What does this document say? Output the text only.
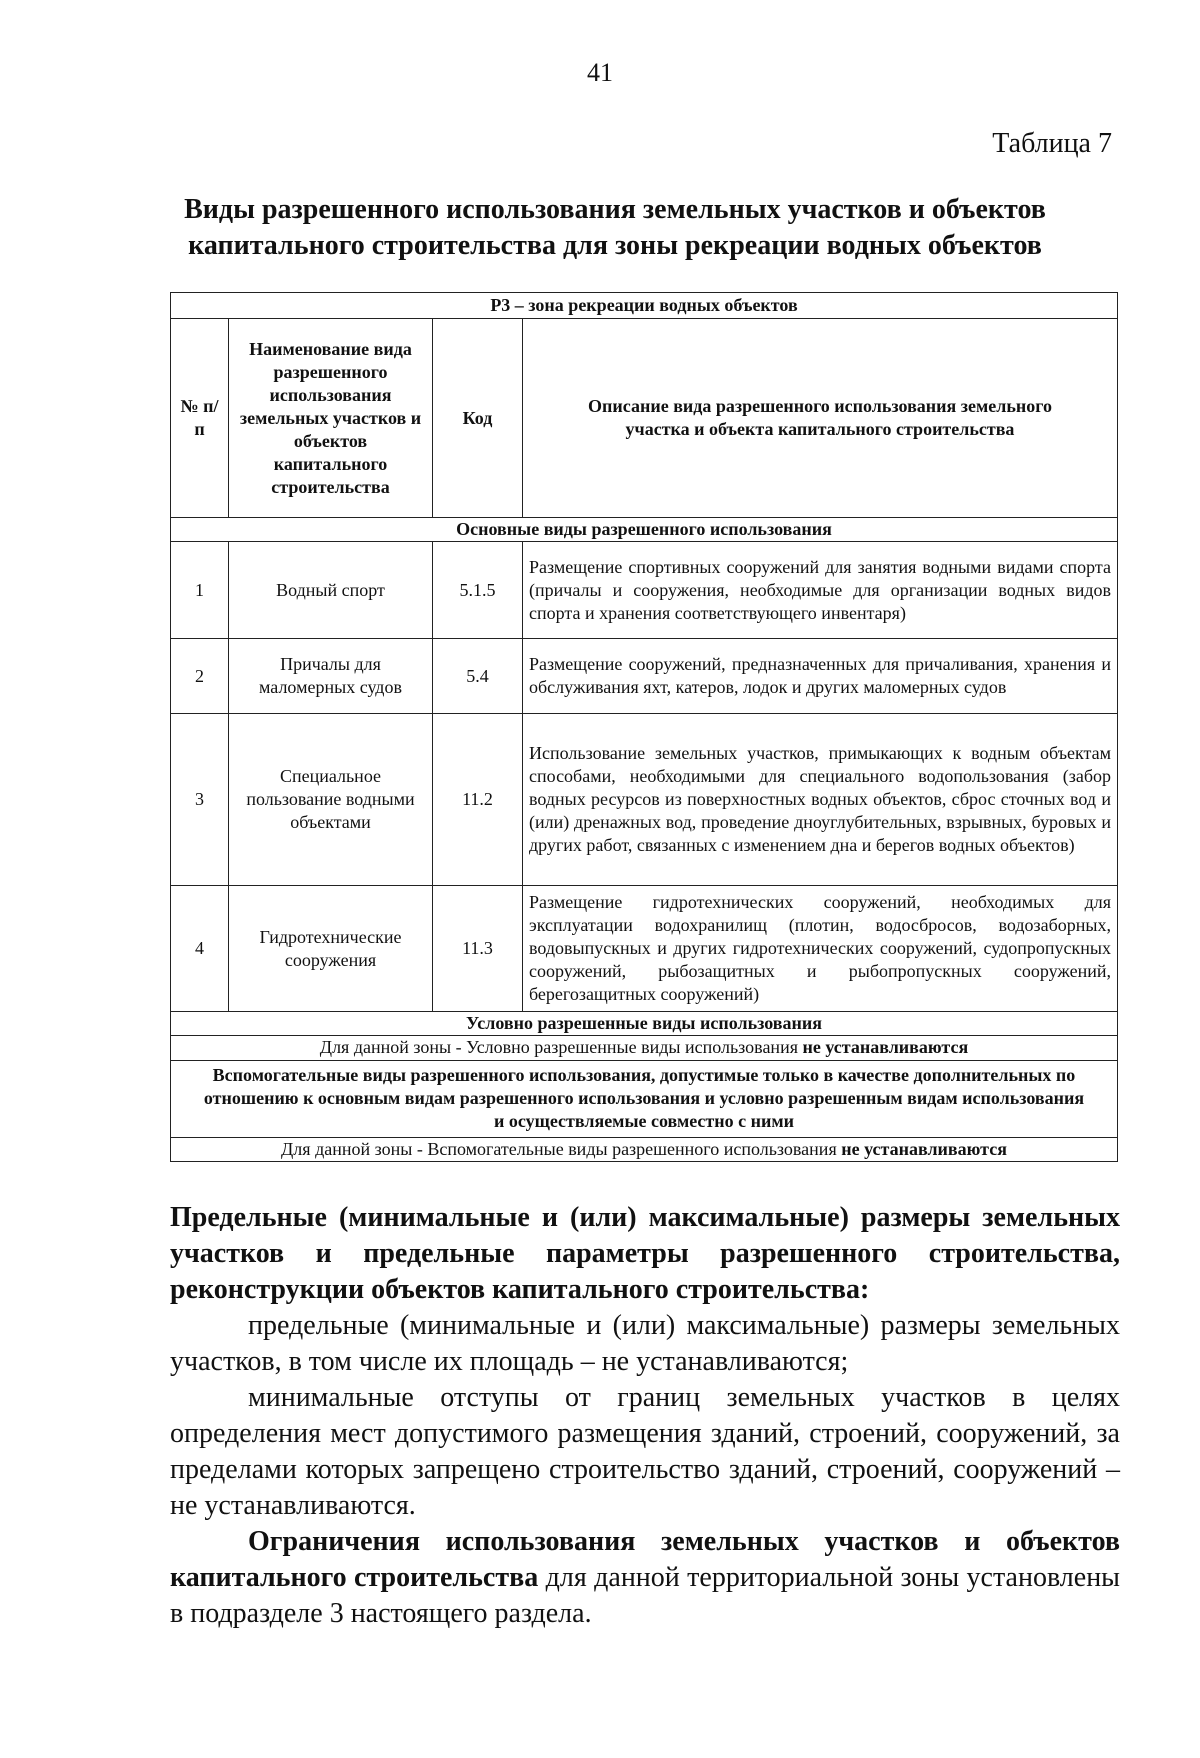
41
Таблица 7
Виды разрешенного использования земельных участков и объектов капитального строительства для зоны рекреации водных объектов
Р3 – зона рекреации водных объектов			
№ п/п	Наименование вида разрешенного использования земельных участков и объектов капитального строительства	Код	Описание вида разрешенного использования земельного участка и объекта капитального строительства
Основные виды разрешенного использования			
1	Водный спорт	5.1.5	Размещение спортивных сооружений для занятия водными видами спорта (причалы и сооружения, необходимые для организации водных видов спорта и хранения соответствующего инвентаря)
2	Причалы для маломерных судов	5.4	Размещение сооружений, предназначенных для причаливания, хранения и обслуживания яхт, катеров, лодок и других маломерных судов
3	Специальное пользование водными объектами	11.2	Использование земельных участков, примыкающих к водным объектам способами, необходимыми для специального водопользования (забор водных ресурсов из поверхностных водных объектов, сброс сточных вод и (или) дренажных вод, проведение дноуглубительных, взрывных, буровых и других работ, связанных с изменением дна и берегов водных объектов)
4	Гидротехнические сооружения	11.3	Размещение гидротехнических сооружений, необходимых для эксплуатации водохранилищ (плотин, водосбросов, водозаборных, водовыпускных и других гидротехнических сооружений, судопропускных сооружений, рыбозащитных и рыбопропускных сооружений, берегозащитных сооружений)
Условно разрешенные виды использования			
Для данной зоны - Условно разрешенные виды использования не устанавливаются			
Вспомогательные виды разрешенного использования, допустимые только в качестве дополнительных по отношению к основным видам разрешенного использования и условно разрешенным видам использования и осуществляемые совместно с ними			
Для данной зоны - Вспомогательные виды разрешенного использования не устанавливаются			

Предельные (минимальные и (или) максимальные) размеры земельных участков и предельные параметры разрешенного строительства, реконструкции объектов капитального строительства:

предельные (минимальные и (или) максимальные) размеры земельных участков, в том числе их площадь – не устанавливаются;

минимальные отступы от границ земельных участков в целях определения мест допустимого размещения зданий, строений, сооружений, за пределами которых запрещено строительство зданий, строений, сооружений – не устанавливаются.

Ограничения использования земельных участков и объектов капитального строительства для данной территориальной зоны установлены в подразделе 3 настоящего раздела.
